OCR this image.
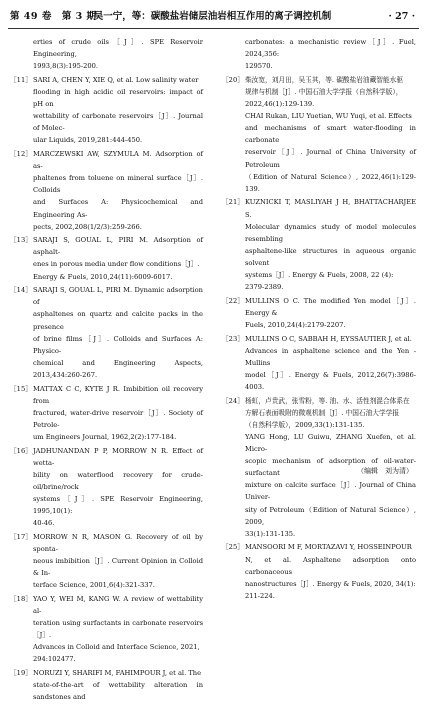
第 49 卷　第 3 期
吴一宁，等：碳酸盐岩储层油岩相互作用的离子调控机制	· 27 ·
erties of crude oils［J］. SPE Reservoir Engineering,
1993,8(3):195-200.
［11］ SARI A, CHEN Y, XIE Q, et al. Low salinity water
flooding in high acidic oil reservoirs: impact of pH on
wettability of carbonate reservoirs［J］. Journal of Molec-
ular Liquids, 2019,281:444-450.
［12］ MARCZEWSKI AW, SZYMULA M. Adsorption of as-
phaltenes from toluene on mineral surface［J］. Colloids
and Surfaces A: Physicochemical and Engineering As-
pects, 2002,208(1/2/3):259-266.
［13］ SARAJI S, GOUAL L, PIRI M. Adsorption of asphalt-
enes in porous media under flow conditions［J］.
Energy & Fuels, 2010,24(11):6009-6017.
［14］ SARAJI S, GOUAL L, PIRI M. Dynamic adsorption of
asphaltenes on quartz and calcite packs in the presence
of brine films［J］. Colloids and Surfaces A: Physico-
chemical and Engineering Aspects, 2013,434:260-267.
［15］ MATTAX C C, KYTE J R. Imbibition oil recovery from
fractured, water-drive reservoir［J］. Society of Petrole-
um Engineers Journal, 1962,2(2):177-184.
［16］ JADHUNANDAN P P, MORROW N R. Effect of wetta-
bility on waterflood recovery for crude-oil/brine/rock
systems［J］. SPE Reservoir Engineering, 1995,10(1):
40-46.
［17］ MORROW N R, MASON G. Recovery of oil by sponta-
neous imbibition［J］. Current Opinion in Colloid & In-
terface Science, 2001,6(4):321-337.
［18］ YAO Y, WEI M, KANG W. A review of wettability al-
teration using surfactants in carbonate reservoirs［J］.
Advances in Colloid and Interface Science, 2021,
294:102477.
［19］ NORUZI Y, SHARIFI M, FAHIMPOUR J, et al. The
state-of-the-art of wettability alteration in sandstones and
carbonates: a mechanistic review［J］. Fuel, 2024,356:
129570.
［20］ 柴汝宽，刘月田，吴玉其，等. 碳酸盐岩油藏智能水驱
规律与机制［J］. 中国石油大学学报（自然科学版），
2022,46(1):129-139.
CHAI Rukan, LIU Yuetian, WU Yuqi, et al. Effects
and mechanisms of smart water-flooding in carbonate
reservoir［J］. Journal of China University of Petroleum
（Edition of Natural Science）, 2022,46(1):129-139.
［21］ KUZNICKI T, MASLIYAH J H, BHATTACHARJEE S.
Molecular dynamics study of model molecules resembling
asphaltene-like structures in aqueous organic solvent
systems［J］. Energy & Fuels, 2008, 22 (4):
2379-2389.
［22］ MULLINS O C. The modified Yen model［J］. Energy &
Fuels, 2010,24(4):2179-2207.
［23］ MULLINS O C, SABBAH H, EYSSAUTIER J, et al.
Advances in asphaltene science and the Yen - Mullins
model［J］. Energy & Fuels, 2012,26(7):3986-4003.
［24］ 杨虹，卢贵武，张雪粉，等. 油、水、活性剂混合体系在
方解石表面吸附的微观机制［J］. 中国石油大学学报
（自然科学版），2009,33(1):131-135.
YANG Hong, LU Guiwu, ZHANG Xuefen, et al. Micro-
scopic mechanism of adsorption of oil-water-surfactant
mixture on calcite surface［J］. Journal of China Univer-
sity of Petroleum（Edition of Natural Science）, 2009,
33(1):131-135.
［25］ MANSOORI M F, MORTAZAVI Y, HOSSEINPOUR
N, et al. Asphaltene adsorption onto carbonaceous
nanostructures［J］. Energy & Fuels, 2020, 34(1):
211-224.
（编辑　刘为清）
